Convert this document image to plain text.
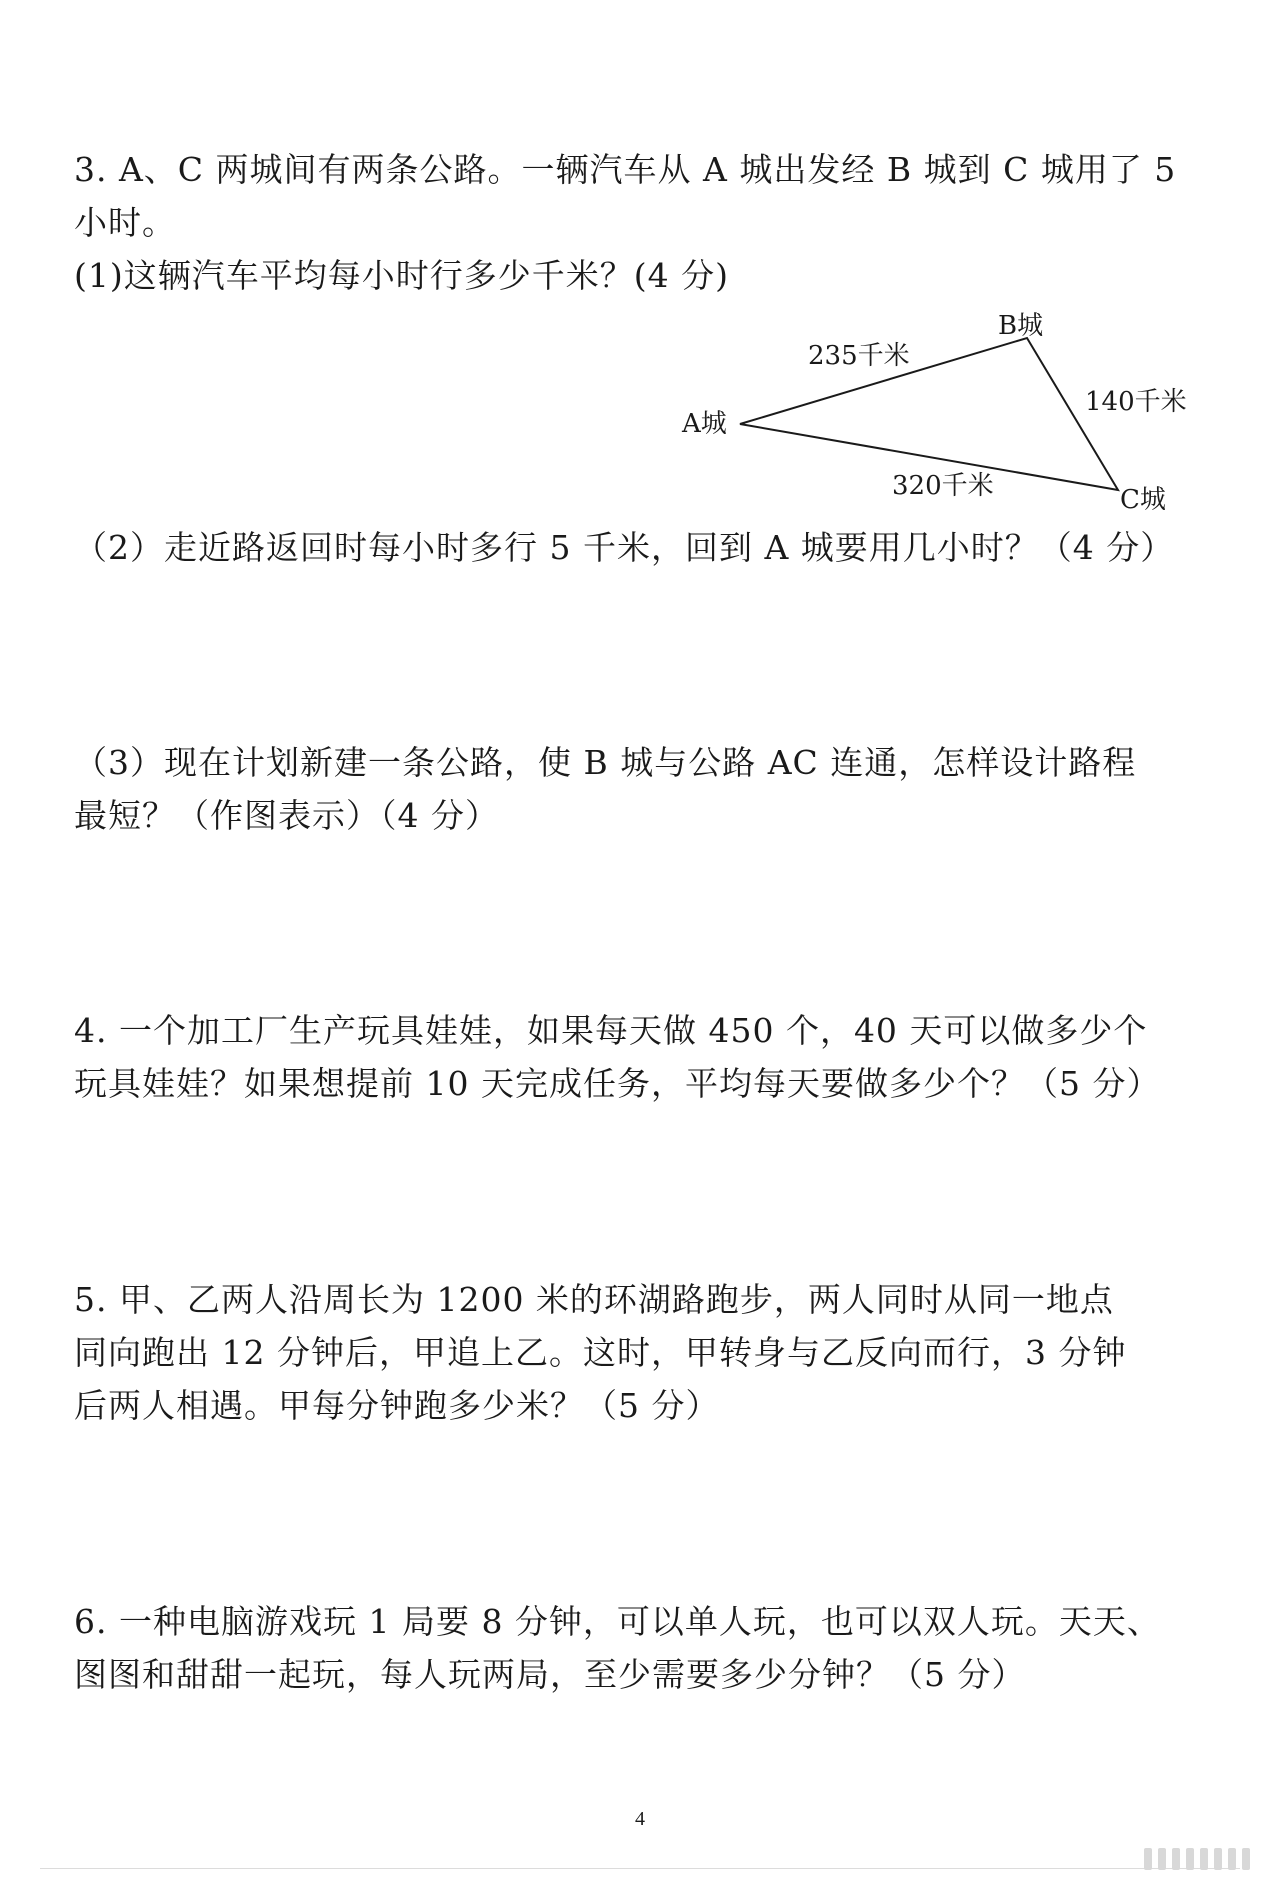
3. A、C 两城间有两条公路。一辆汽车从 A 城出发经 B 城到 C 城用了 5
小时。
(1)这辆汽车平均每小时行多少千米？(4 分)
B城
A城
C城
235千米
140千米
320千米
（2）走近路返回时每小时多行 5 千米，回到 A 城要用几小时？（4 分）
（3）现在计划新建一条公路，使 B 城与公路 AC 连通，怎样设计路程
最短？（作图表示）（4 分）
4. 一个加工厂生产玩具娃娃，如果每天做 450 个，40 天可以做多少个
玩具娃娃？如果想提前 10 天完成任务，平均每天要做多少个？（5 分）
5. 甲、乙两人沿周长为 1200 米的环湖路跑步，两人同时从同一地点
同向跑出 12 分钟后，甲追上乙。这时，甲转身与乙反向而行，3 分钟
后两人相遇。甲每分钟跑多少米？（5 分）
6. 一种电脑游戏玩 1 局要 8 分钟，可以单人玩，也可以双人玩。天天、
图图和甜甜一起玩，每人玩两局，至少需要多少分钟？（5 分）
4
